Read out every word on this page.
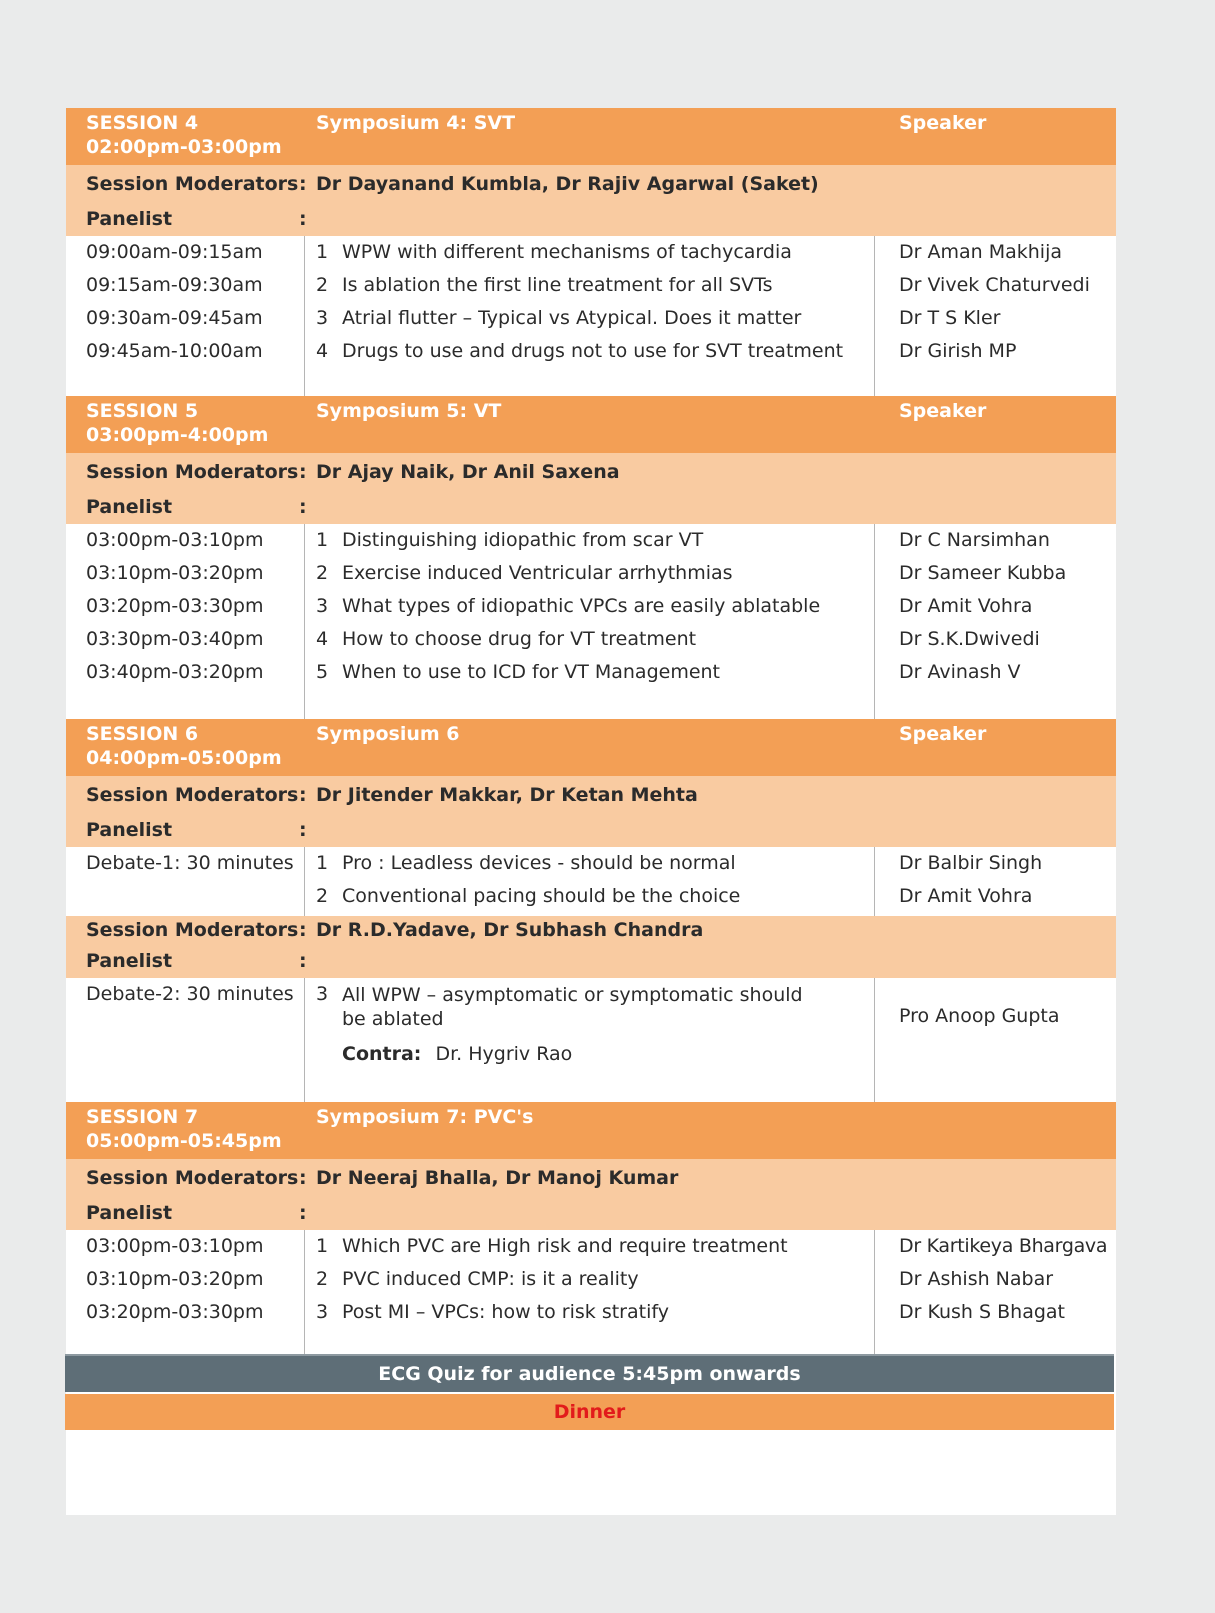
SESSION 4
02:00pm-03:00pm
Symposium 4: SVT	Speaker
Session Moderators : Dr Dayanand Kumbla, Dr Rajiv Agarwal (Saket)
Panelist	:
09:00am-09:15am	1 WPW with different mechanisms of tachycardia	Dr Aman Makhija
09:15am-09:30am	2 Is ablation the first line treatment for all SVTs	Dr Vivek Chaturvedi
09:30am-09:45am	3 Atrial flutter – Typical vs Atypical. Does it matter	Dr T S Kler
09:45am-10:00am	4 Drugs to use and drugs not to use for SVT treatment	Dr Girish MP
SESSION 5
03:00pm-4:00pm
Symposium 5: VT	Speaker
Session Moderators : Dr Ajay Naik, Dr Anil Saxena
Panelist	:
03:00pm-03:10pm	1 Distinguishing idiopathic from scar VT	Dr C Narsimhan
03:10pm-03:20pm	2 Exercise induced Ventricular arrhythmias	Dr Sameer Kubba
03:20pm-03:30pm	3 What types of idiopathic VPCs are easily ablatable	Dr Amit Vohra
03:30pm-03:40pm	4 How to choose drug for VT treatment	Dr S.K.Dwivedi
03:40pm-03:20pm	5 When to use to ICD for VT Management	Dr Avinash V
SESSION 6
04:00pm-05:00pm
Symposium 6	Speaker
Session Moderators : Dr Jitender Makkar, Dr Ketan Mehta
Panelist	:
Debate-1: 30 minutes 1 Pro : Leadless devices - should be normal	Dr Balbir Singh
2 Conventional pacing should be the choice	Dr Amit Vohra
Session Moderators : Dr R.D.Yadave, Dr Subhash Chandra
Panelist	:
Debate-2: 30 minutes 3 All WPW – asymptomatic or symptomatic should be ablated	Pro Anoop Gupta
Contra: Dr. Hygriv Rao
SESSION 7
05:00pm-05:45pm
Symposium 7: PVC's
Session Moderators : Dr Neeraj Bhalla, Dr Manoj Kumar
Panelist	:
03:00pm-03:10pm	1 Which PVC are High risk and require treatment	Dr Kartikeya Bhargava
03:10pm-03:20pm	2 PVC induced CMP: is it a reality	Dr Ashish Nabar
03:20pm-03:30pm	3 Post MI – VPCs: how to risk stratify	Dr Kush S Bhagat
ECG Quiz for audience 5:45pm onwards
Dinner
